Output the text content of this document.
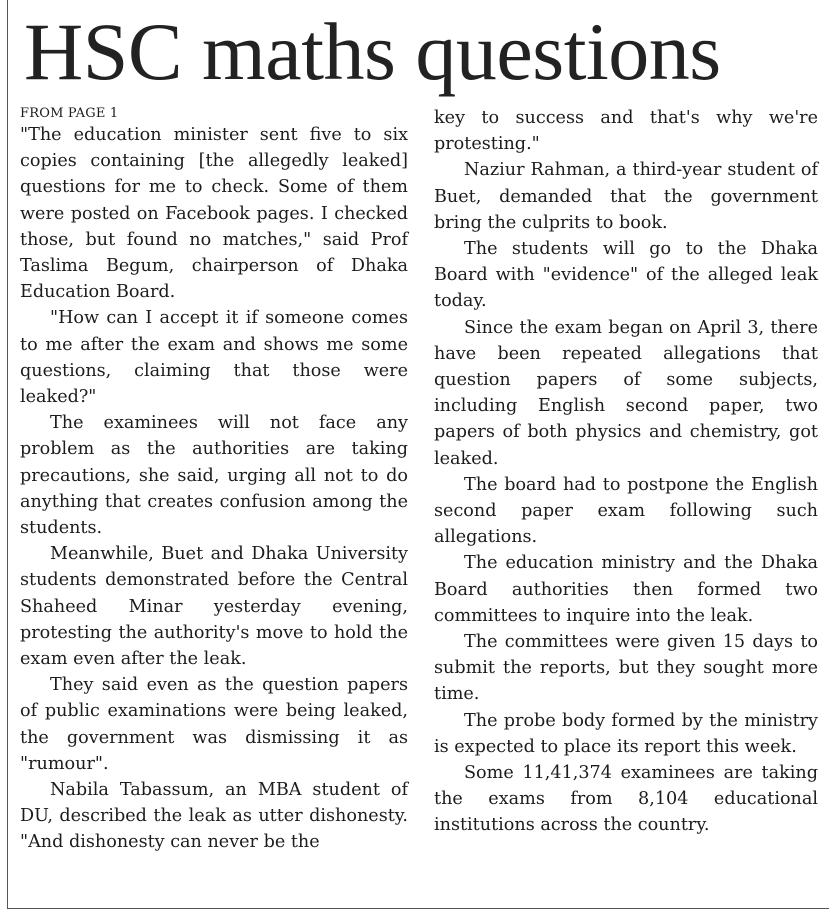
HSC maths questions
FROM PAGE 1

"The education minister sent five to six copies containing [the allegedly leaked] questions for me to check. Some of them were posted on Facebook pages. I checked those, but found no matches," said Prof Taslima Begum, chairperson of Dhaka Education Board.

"How can I accept it if someone comes to me after the exam and shows me some questions, claiming that those were leaked?"

The examinees will not face any problem as the authorities are taking precautions, she said, urging all not to do anything that creates confusion among the students.

Meanwhile, Buet and Dhaka University students demonstrated before the Central Shaheed Minar yesterday evening, protesting the authority's move to hold the exam even after the leak.

They said even as the question papers of public examinations were being leaked, the government was dismissing it as "rumour".

Nabila Tabassum, an MBA student of DU, described the leak as utter dishonesty. "And dishonesty can never be the

key to success and that's why we're protesting."

Naziur Rahman, a third-year student of Buet, demanded that the government bring the culprits to book.

The students will go to the Dhaka Board with "evidence" of the alleged leak today.

Since the exam began on April 3, there have been repeated allegations that question papers of some subjects, including English second paper, two papers of both physics and chemistry, got leaked.

The board had to postpone the English second paper exam following such allegations.

The education ministry and the Dhaka Board authorities then formed two committees to inquire into the leak.

The committees were given 15 days to submit the reports, but they sought more time.

The probe body formed by the ministry is expected to place its report this week.

Some 11,41,374 examinees are taking the exams from 8,104 educational institutions across the country.
